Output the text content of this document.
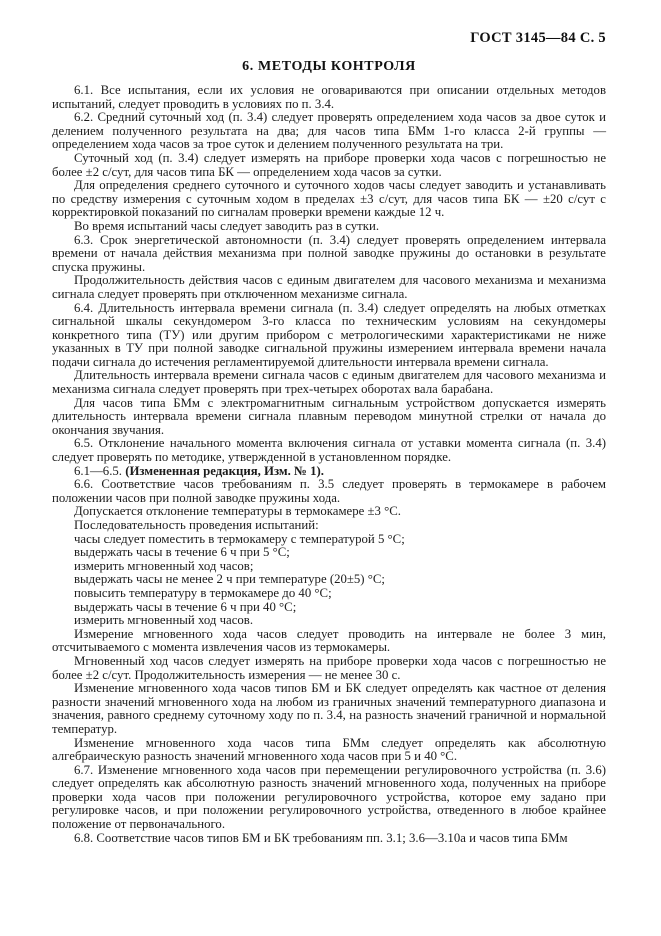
ГОСТ 3145—84 С. 5
6. МЕТОДЫ КОНТРОЛЯ

6.1. Все испытания, если их условия не оговариваются при описании отдельных методов испытаний, следует проводить в условиях по п. 3.4.

6.2. Средний суточный ход (п. 3.4) следует проверять определением хода часов за двое суток и делением полученного результата на два; для часов типа БМм 1-го класса 2-й группы — определением хода часов за трое суток и делением полученного результата на три.

Суточный ход (п. 3.4) следует измерять на приборе проверки хода часов с погрешностью не более ±2 с/сут, для часов типа БК — определением хода часов за сутки.

Для определения среднего суточного и суточного ходов часы следует заводить и устанавливать по средству измерения с суточным ходом в пределах ±3 с/сут, для часов типа БК — ±20 с/сут с корректировкой показаний по сигналам проверки времени каждые 12 ч.

Во время испытаний часы следует заводить раз в сутки.

6.3. Срок энергетической автономности (п. 3.4) следует проверять определением интервала времени от начала действия механизма при полной заводке пружины до остановки в результате спуска пружины.

Продолжительность действия часов с единым двигателем для часового механизма и механизма сигнала следует проверять при отключенном механизме сигнала.

6.4. Длительность интервала времени сигнала (п. 3.4) следует определять на любых отметках сигнальной шкалы секундомером 3-го класса по техническим условиям на секундомеры конкретного типа (ТУ) или другим прибором с метрологическими характеристиками не ниже указанных в ТУ при полной заводке сигнальной пружины измерением интервала времени начала подачи сигнала до истечения регламентируемой длительности интервала времени сигнала.

Длительность интервала времени сигнала часов с единым двигателем для часового механизма и механизма сигнала следует проверять при трех-четырех оборотах вала барабана.

Для часов типа БМм с электромагнитным сигнальным устройством допускается измерять длительность интервала времени сигнала плавным переводом минутной стрелки от начала до окончания звучания.

6.5. Отклонение начального момента включения сигнала от уставки момента сигнала (п. 3.4) следует проверять по методике, утвержденной в установленном порядке.

6.1—6.5. (Измененная редакция, Изм. № 1).

6.6. Соответствие часов требованиям п. 3.5 следует проверять в термокамере в рабочем положении часов при полной заводке пружины хода.

Допускается отклонение температуры в термокамере ±3 °С.

Последовательность проведения испытаний:

часы следует поместить в термокамеру с температурой 5 °С;

выдержать часы в течение 6 ч при 5 °С;

измерить мгновенный ход часов;

выдержать часы не менее 2 ч при температуре (20±5) °С;

повысить температуру в термокамере до 40 °С;

выдержать часы в течение 6 ч при 40 °С;

измерить мгновенный ход часов.

Измерение мгновенного хода часов следует проводить на интервале не более 3 мин, отсчитываемого с момента извлечения часов из термокамеры.

Мгновенный ход часов следует измерять на приборе проверки хода часов с погрешностью не более ±2 с/сут. Продолжительность измерения — не менее 30 с.

Изменение мгновенного хода часов типов БМ и БК следует определять как частное от деления разности значений мгновенного хода на любом из граничных значений температурного диапазона и значения, равного среднему суточному ходу по п. 3.4, на разность значений граничной и нормальной температур.

Изменение мгновенного хода часов типа БМм следует определять как абсолютную алгебраическую разность значений мгновенного хода часов при 5 и 40 °С.

6.7. Изменение мгновенного хода часов при перемещении регулировочного устройства (п. 3.6) следует определять как абсолютную разность значений мгновенного хода, полученных на приборе проверки хода часов при положении регулировочного устройства, которое ему задано при регулировке часов, и при положении регулировочного устройства, отведенного в любое крайнее положение от первоначального.

6.8. Соответствие часов типов БМ и БК требованиям пп. 3.1; 3.6—3.10а и часов типа БМм
